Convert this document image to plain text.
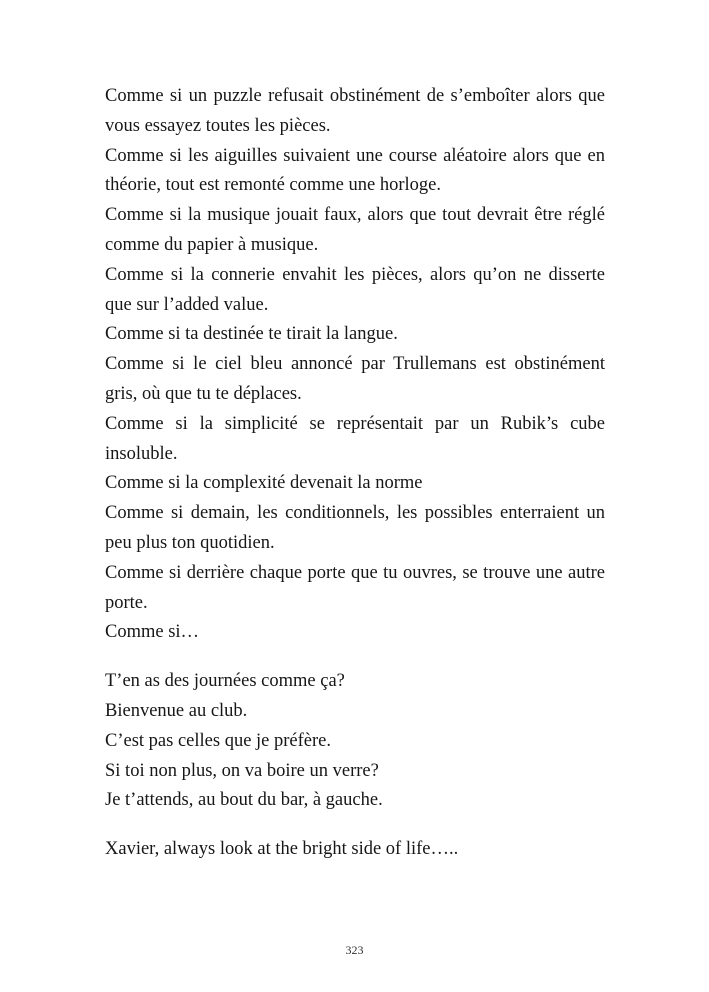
Comme si un puzzle refusait obstinément de s’emboîter alors que vous essayez toutes les pièces.

Comme si les aiguilles suivaient une course aléatoire alors que en théorie, tout est remonté comme une horloge.

Comme si la musique jouait faux, alors que tout devrait être réglé comme du papier à musique.

Comme si la connerie envahit les pièces, alors qu’on ne disserte que sur l’added value.

Comme si ta destinée te tirait la langue.

Comme si le ciel bleu annoncé par Trullemans est obstinément gris, où que tu te déplaces.

Comme si la simplicité se représentait par un Rubik’s cube insoluble.

Comme si la complexité devenait la norme

Comme si demain, les conditionnels, les possibles enterraient un peu plus ton quotidien.

Comme si derrière chaque porte que tu ouvres, se trouve une autre porte.

Comme si…

T’en as des journées comme ça?

Bienvenue au club.

C’est pas celles que je préfère.

Si toi non plus, on va boire un verre?

Je t’attends, au bout du bar, à gauche.

Xavier, always look at the bright side of life…..

323
